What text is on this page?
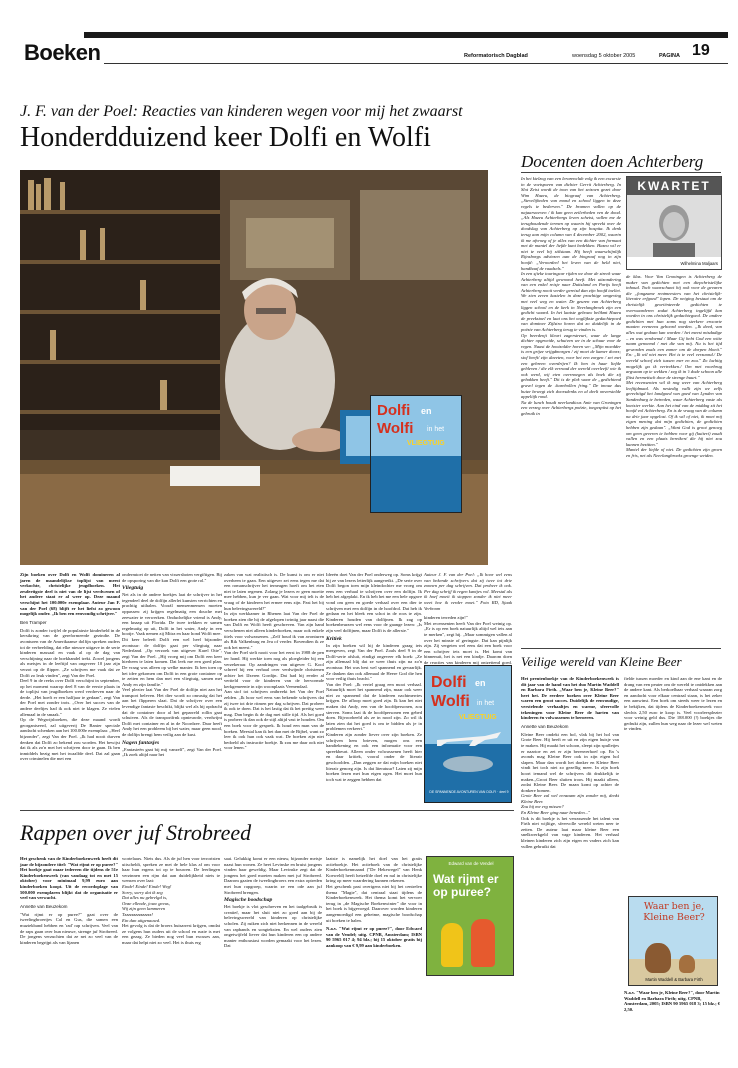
Boeken	Reformatorisch Dagblad	woensdag 5 oktober 2005	PAGINA 19
J. F. van der Poel: Reacties van kinderen wegen voor mij het zwaarst
Honderdduizend keer Dolfi en Wolfi
Dolfi en
Wolfi in het
VLIEGTUIG

Zijn boeken over Dolfi en Wolfi domineren al jaren de maandelijkse toplijst van meest verkochte, christelijke jeugdboeken. Het zesdertigste deel is niet van de lijst verdwenen of het andere staat er al weer op. Deze maand verschijnt het 100.000e exemplaar. Auteur Jan F. van der Poel (68) blijft er het liefst zo gewoon mogelijk onder. „Ik ben een eenvoudig schrijver."

Ben Tramper

Dolfi is zonder twijfel de populairste kinderheld in de kerstkring van de gereformeerde gezindte. De avonturen van de Amerikaanse dolfijn spreken ouders tot de verbeelding, dat elke nieuwe uitgave in de serie kinderen massaal en vaak al op de dag van verschijning naar de boekhandel trekt. Zowel jongens als meisjes in de leeftijd van ongeveer 10 jaar zijn verzot op de flipper. „Ze schrijven me vaak dat ze Dolfi zo leuk vinden", zegt Van der Poel.

Deel 9 in de reeks over Dolfi verschijnt in september, op het moment waarop deel 8 van de eerste plaats in de toplijst van jeugdboeken werd verdreven naar de derde. „Het hoeft er een halfjaar te gedaan", zegt Van der Poel met zonder trots. „Over het succes van de andere deeltjes had ik ook niet te klagen. Ze vielen allemaal in de smaak."

Op de Wegwijsboeken, die deze maand wordt georganiseerd, zal uitgeverij De Banier speciale aandacht schenken aan het 100.000e exemplaar. „Heel bijzonder", zegt Van der Poel. „Ik had nooit durven denken dat Dolfi zo bekend zou worden. Het bewijst dat ik als zo'n met het schrijven door te gaan. Ik ben inmiddels bezig met het twaalfde deel. Dat zal gaan over criminelen die met een

ondermtoet de netten van vissersboten vergiftigen. Bij de opsporing van die kan Dolfi een grote rol."

Vliegtuig

Net als in de andere boekjes laat de schrijver in het tegendeel deel de dolfijn allerlei kunsten verrichten en prachtig uithalen. Voorál mensenmensen moeten oppassen: zij krijgen regelmatig een douche met zeewater te verwerken. Onduchelijke vriend is Andy, een knaap uit Florida. De twee trekken er samen regelmatig op uit, Dolfi in het water, Andy in een bootje. Vaak nemen zij Mitra en haar hond Wolfi mee.

Dit keer beleeft Dolfi een wel heel bijzonder avontuur: de dolfijn gaat per vliegtuig naar Nederland. „Op verzoek van uitgever Karel Otte", zegt Van der Poel. „Hij vroeg mij om Dolfi een keer hierheen te laten komen. Dat leek me een goed plan. De vraag was alleen op welke manier. Ik ben toen op het idee gekomen om Dolfi in een grote container op te zetten en hem dan met een vliegtuig, samen met Andy en zijn familie."

Veel plezier laat Van der Poel de dolfijn niet aan het transport beleven. Het dier wordt zo onrustig dat het aan het flipperen slaat. Dat de schrijver over een levendige fantasie beschikt, blijkt wel als hij opdracht dat de container door al het geparreld rollin gaat schuiven. Als de transportfrnk opnieuwde, verdwijnt Dolfi met container en al in de Noordzee. Daar heeft Andy het een probleem bij het water, maar geen nood, de dolfijn brengt hem veilig aan de kust.

Nagen fantasjes

„Fantasieën gaat bij mij vanzelf", zegt Van der Poel. „Ik zoek altijd naar het

zaken van wat realistisch is. De kunst is om er niet overheen te gaan. Een uitgever zei eens tegen me dat een romanschrijver het terneagen hoeft om het eten niet te laten regenen. Zolang je lezers er geen moeite mee hebben, kun je ver gaan. Wat voor mij telt is de vraag of de kinderen het ermee eens zijn. Past het bij hun belevingswereld?"

In zijn werkkamer in Rhenen laat Van der Poel de boeken zien die hij de afgelopen twintig jaar naast die van Dolfi en Wolfi heeft geschreven. Van zijn hand verschenen niet alleen kinderboeken, maar ook enkele titels voor volwassenen. „Zelf houd ik van avonturen als Rik Valkenburg en Jeu of verder. Bovendien ik ze ook het meest."

Van der Poel stelt nooit voor het eerst in 1988 de pen ter hand. Hij werkte toen nog als ploegleider bij een verzekeraar. Op aandringen van uitgever G. Kool schreef hij een verhaal over verdwijnde christenen achter het IJzeren Gordijn. Dat had hij eerder al vertteld voor de kinderen van de hervormde kerkgemeente in zijn woonplaats Veenendaal.

Aan stof tot schrijven ontbreekt het Van der Poel zelden. „Ik hoor wel eens van bekende schrijvers dat zij twee tot drie ritmen per dag schrijven. Dat probeer ik ook te doen. Dat is het lastig dat ik het prettig weer mag. Dan begin ik de dag met stille tijd. Als het goed is probeer ik dan ook de stijl altijd vast te houden. Om een boek voor de gesprek. Ik houd een man van de boeken. Meestal kan ik het dan met de Bijbel, want zo leer ik ook hun ook vaak wat. De boeken zijn niet bedoeld als instructie boekje. Ik zou me daar ook niet voor lenen."

Ideeën doet Van der Poel onderweg op. Soms krijgt hij ze van lezers letterlijk aangereikt. „De serie over Dolfi begon toen mijn kleindochter me vroeg om eens een verhaal te schrijven over een dolfijn. Ik heb het afgeplakt. En ik heb het me een hele opgave vond om geen en goede verhaal over een dier te schrijven met een dolfijn in de hoofdrol. Dat heb ik gedaan en het bleek een schot in de roos te zijn. Kinderen houden van dolfijnen. Ik zag op boekenbeurzen wel eens voor de gaange lezen: „Is zijn veel dolfijnen, maar Dolfi is de allerste."

Kritiek

In zijn boeken wil hij de kinderen graag iets meegeven, zegt Van der Poel. Zoals deel 9 in de Dolfi-serie afsluit, eindigt ongeveer elk boek: „Ze zijn allemaal blij dat ze weer thuis zijn na zo'n avontuur. Het was best wel spannend en gevaarlijk. Ze danken dan ook allemaal de Heere God die hen voor veilig thuis bracht."

Van der Poel: „Ik vertel graag een mooi verhaal. Natuurlijk moet het spannend zijn, maar ook weer niet zo spannend dat de kinderen nachtmerries krijgen. De afloop moet goed zijn. Ik kan het niet maken dat Andy, een van de hoofdpersonen, zou sterven. Soms laat ik de hoofdpersonen een gebed doen. Bijvoorbeeld als ze in nood zijn. Zo wil ik laten zien dat het goed is om te bidden als je in problemen verkeert."

Kinderen zijn zonder liever over zijn boeken. Ze schrijven hem brieven, mogen ons een handtekening en ook een informatie voor een spreekbeurt. Alleen onder volwassenen heeft hier en daar kritiek, vooral onder de literair geschoolden. „Dan zeggen ze dat mijn boeken niet literair genoeg zijn. Is dat literatuur? Laten zij mijn boeken lezen met hun eigen ogen. Het moet hun toch wat te zeggen hebben dat

Auteur J. F. van der Poel: „Ik hoor wel eens van bekende schrijvers dat zij twee tot drie zonnen per dag schrijven. Dat probeer ik ook. Per dag schrijf ik regen kantjes vol. Meestal als ik hoef moeit ik stoppen zonder ik niet meer weet hoe ik verder moet." Foto RD, Sjaak Verboom

kinderen terreden zijn!"

Met recensenten heeft Van der Poel weinig op. „Er is op een boek natuurlijk altijd wel iets aan te merken", zegt hij. „Maar sommigen vallen al over het minste of geringste. Dat kan pijnlijk zijn. Zij vergeten wel eens dat een boek voor een schrijver iets moet is. Het komt van binnenuit, het is net een kindje. Daarom doen de reacties van kinderen mij ontzettend goed.

Dolfi en
Wolfi in het
VLIEGTUIG
DE SPANNENDE AVONTUREN VAN DOLFI · deel 9
Docenten doen Achterberg
KWARTET
Wilhelmina Maljaars

In het kielzog van een lerarenclub volg ik een excursie in de voetsporen van dichter Gerrit Achterberg. In Slot Zeist wordt de toon van het seizoen gezet door Wim Hazeu, de biograaf van Achterberg. „Stevelijheden van mond en school liggen in deze regels te bederven." De bramen vallen op de najaarsweven / ik kan geen zeilerheden ven de dood. „Als Hazeu Achterbergs leven schetst, vallen me de terughoudende termen op waarin hij spreekt over de doodslag van Achterberg op zijn hospita. Ik denk terug aan mijn column van 4 december 2002, waarin ik me afvroeg of je alles van een dichter van formaat met de mantel der liefde kunt bedekken. Hazeu wil er niet te veel bij stilstaan. Hij heeft waarschijnlijk Rijnsborgs adviezen aan de biograaf nog in zijn hoofd: „Veroordeel het leven van de held niet, handhaaf de raadsels."

In een sjieke touringcar rijden we door de streek waar Achterberg altijd gewoond heeft. Met uitzondering van een enkel reisje naar Duitsland en Parijs heeft Achterberg nooit verder gereisd dan zijn hoofd toeliet. We zien zeven kastelen in deze prachtige omgeving met veel weg en water. De geuren van Achterberg liggen school en de kerk in Neerlangbroek zijn een gedicht waard. In het laatste gebouw belikmt Hazeu de preekstoel en laat ons het ooglijkste gedachtepoed van dominee Zijlstra horen dat zo duidelijk in de poëzie van Achterberg terug te vinden is.

Op beerdenji kleuri zagerstreuri, waar de lange dichter opgroeide, schuiven we in de schuur voor de regen. Naast de hooizolder horen we: „Mijn moedder is een grijze vrijgdmorgen / zij moet de kamer doorz; stof beeft/ zijn daveten, voor het een zorgen / zei met een gebreen overdrijen? Ik ben in haar liefde gebleven / die elk verraad der wereld overleeft/ wie ik ook werd, wij eten overnoegen als boek die zij gebakken heeft." Dit is de plek waar de „gedichtend gravel tegen de ‹harebollen fring." De imoue dus huize bewegt zich doorsdenks en al deelt onverstelde appeliijk rond.

Na de lunch houdt neerlandicus Anie van Groningen een verzeg over Achterbergs poëzie, toegespitst op het gebruik in

de klas. Voor Van Groningen is Achterberg de maker van gedichten met een diepchristelijke inhoud. Toch waarschuwt hij ook voor de gevaren die „fongzame rentmeesters van het christelijk-literaire erfgoed" lopen. De neiging bestaat om de christelijk georiënteerde gedichten te overwaarderen zodat Achterberg ingelijfd kan worden in ons christelijk gedachtegoed. De andere gedichten met hun soms nog sterkere erocarte maaten eveneens gehoord worden. „Ik deed, van alles wat gedaan kan worden / het meest misdadige – en was verdoemd / Maar Gij hebt God een witte naam genoemd / met die van mij. Nu is het tijd geworden zoals een zomer om de dorpen bloeit." En: „Ik wil niet meer. Het is te veel verzuond./ De wereld schoof zich tussen mer en zou." Zo luchtig mogelijk ga ik vertrekken./ Om met voorbrug argwaan op te wekken / zeg ik in 't dode schoon alle flitst hermetisch door de strenge buurt."

Met recensenten wil ik nog weer van Achterberg leeftijdmaal. Als nestedig vallt zijn we zelfs gerechtigd het landgoed van goed van Lynden van Sandenburg te betreden, waar Achterberg vaste als koetsier werkte. Aan het eind van de middag zit het hoofd vol Achterberg. En is de vraag van de column na drie jaar opgelost. Of ik wil of niet, ik moet mij eigen mening dat mijn gedichten, de gedichten hebben zijn gedaan". „Want God is groot genoeg om geen geveren te hebben voor gij (kuitert) zoudt vallen en een plaats bereiken/ die hij niet zou kunnen bezitten."

Mantel der liefde of niet. De gedichten zijn groen en fris, net als Neerlangbroeks groenge weiden.

Veilige wereld van Kleine Beer

Het prentenboekje van de Kinderboekenweek is dit jaar van de hand van het duo Martin Waddell en Barbara Firth. „Waar ben je, Kleine Beer?" heet het. De eerdere boeken over Kleine Beer waren een groot succes. Duidelijk de eenvoudige, verstelende verhaaltjes en warme, sfeervolle tekeningen voor Kleine Beer de harten van kinderen én volwassenen te beroeren.

Annette van Beuzekom

Kleine Beer ondekt een bol, vlak bij het hol van Grote Beer. Hij heeft er uit en zijn eigen huisje van te maken. Hij maakt het schoon, sleept zijn spulletjes er naartoe en zet er zijn berenverhoef op. En 's avonds mag Kleine Beer ook in zijn eigen hol slapen. Maar dan wordt het donker en Kleine Beer vindt het toch niet zo gezellig meer. In zijn boek hoort iemand wel de schrijvers dit drukkelijk te maken.„Groot Beer sluiten troos. Hij maakt alleen, zodat Kleine Beer. De maan komt op achter de donkere bomen.

Grote Beer zal wel eenzaam zijn zonder mij, denkt Kleine Beer.

Zou hij me erg missen?

En Kleine Beer ging naar beneden..."

Ook is dit boekje is het verrassende het talent van Firth niet wijliige, sfeervolle wereld weten neer te zetten. De auteur laat maar kleine Beer een snelkwerkgeld van vage kinderen. Het verhaal kleinen kinderen zich zijn eigen en vaders zich kan vullen gebruikt dat

fielde tussen moeder en kind aan de ene kant en de drang van een peuter om de wereld te ontdekken aan de andere kant. Als berkoelbaar verhaal waaran zorg en aandacht voor elkaar centraal staan, is het zeker een aanwinst. Een boek om steeds weer te lezen en te bekijken, dat tijdens de Kinderboekenweek voor slechts 2,50 euro te koop is. Veel voorleesplezier voor weinig geld dus. Die 188.000 (!) boekjes die gedrukt zijn, zullen hun weg naar de lezer wel weten te vinden.

Waar ben je, Kleine Beer?
Martin Waddell & Barbara Firth
N.a.v. "Waar ben je, Kleine Beer?", door Martin Waddell en Barbara Firth; uitg. CPNB, Amsterdam, 2005; ISBN 90 5965 018 3; 15 blz.; € 2,50.
Rappen over juf Strobreed

Het geschenk van de Kinderboekenweek heeft dit jaar de bijzondere titel: "Wat rijmt er op puree?" Het boekje gaat maar iedereen die tijdens de 51e Kinderboekenweek (van vandaag tot en met 15 oktober) voor minimaal 9,99 euro aan kinderboeken koopt. Uit de recordoplage van 500.000 exemplaren blijkt dat de organisatie er veel van verwacht.

Annette van Beuzekom

"Wat rijmt er op puree?" gaat over de tweelingbroertjes Cal en Gus, die samen een muziekband hebben en 'rad' rap schrijven. Veel van de raps gaan over hun nieuwe, strenge juf Strobreed. De jongens verzuchten dat ze net zo veel van de kinderen begrijpt als van lijanen

wortelaars. Niets dus. Als de juf hen voor terroristen uitscheldt, spreken ze met de hele klas af om voor haar hun ergens tot op te bouwen. De leerlingen verzinnen een rijm dat aan duidelijkheid niets te wensen over laat:

Einde! Einde! Einde! Weg!

Sorry, sorry dat ik zeg

Dat alles nu gebrelgd is,

Onze ellende, jouw geeus,

Wij zijn geen lammeren

Tzzzzzzzzzzzzzzz!

Ein dan uitgenauwd.

Het gevolg is dat de broers huisarrest krijgen, omdat ze volgens hun ouders uit de school en ruzie is met een gezag. Ze bieden nog veel bun excuses aan, maar dat helpt niet zo veel. Het is thuis erg

saai. Gelukkig komt er een nieuw, bijzonder meisje naast hun wonen. Ze heet Levinske en bruist jongens vinden haar geweldig. Maar Levinske zegt dat de jongens het goed moeten maken met juf Strobreed. Daarom gaaien de tweelingbroers een extra optreden met hun rapgroep, waarin ze een ode aan juf Strobreed brengen.

Magische boodschap

Het boekje is vlot geschreven en het taalgebruik is creatief, maar het sluit niet zo goed aan bij de belevingswereld van kinderen op christelijke scholen. Zij ruiken zich niet herkennen in de wereld van rapbands en songteksten. En wel ouders zien ongetwijfeld liever dat hun kinderen een op andere manier enthousiast worden gemaakt voor het lezen. Dat

laatste is namelijk het doel van het gratis actieboekje. Het actieboek van de christelijke Kinderboekenmaand ("De Hekewegel" van Henk Koeweld) heeft hetzelfde doel en nal in christelijke kring op meer waardering kunnen rekenen.

Het geschenk past overigens niet bij het centrelen thema "Magie", dat centraal staat tijdens de Kinderboekenweek. Het thema komt het vervoer terug in „de Magische Boekenwinter" die voor in het boek is bijgevoegd. Daarover worden kinderen aangemoedigd een geheime, magische boodschap uit boeken te halen.

N.a.v. "Wat rijmt er op puree?", door Edward van de Vendel; uitg. CPNB, Amsterdam; ISBN 90 5965 017 4; 94 blz.; bij 15 oktober gratis bij aankoop van € 9,99 aan kinderboeken.

Edward van de Vendel
Wat rijmt er op puree?
